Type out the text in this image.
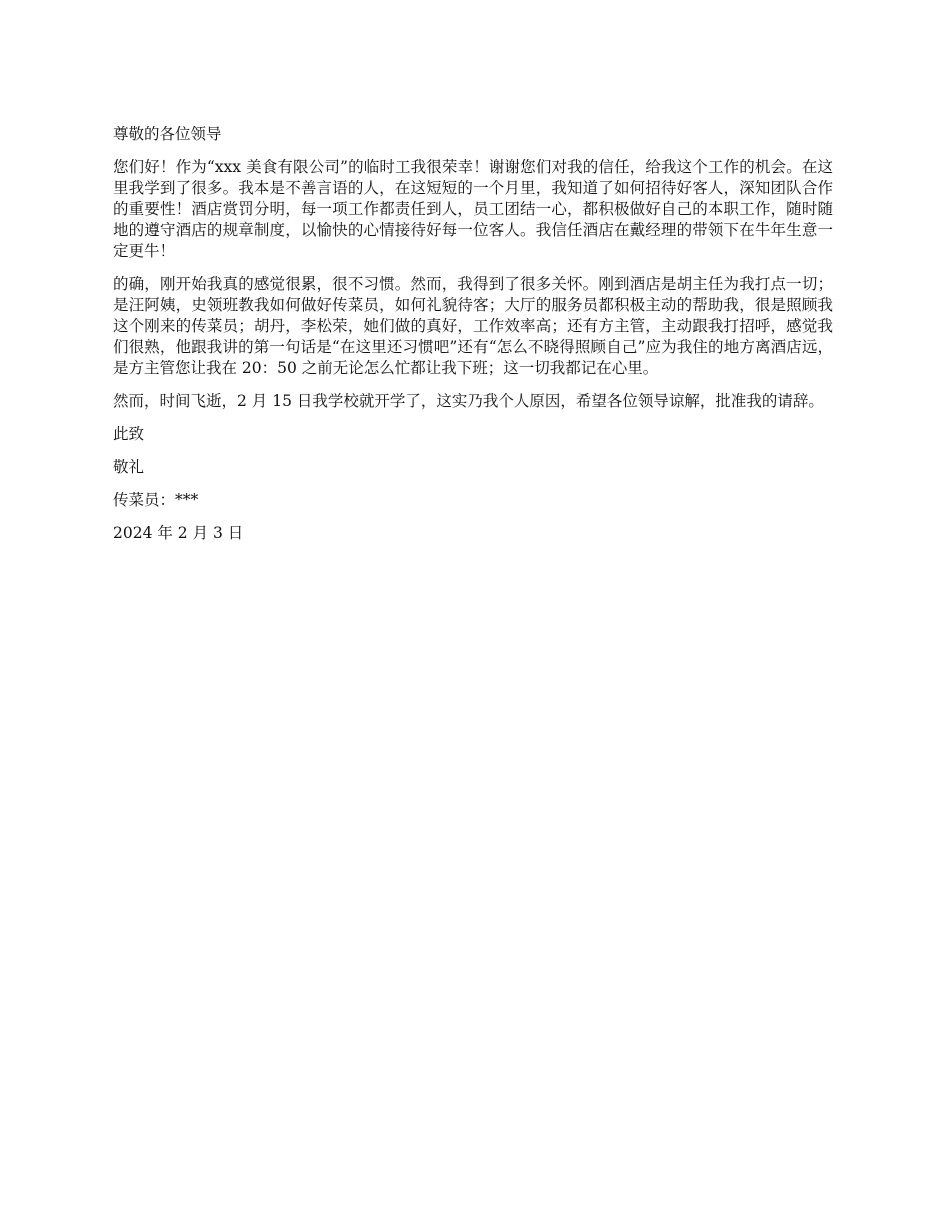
尊敬的各位领导

您们好！作为“xxx 美食有限公司”的临时工我很荣幸！谢谢您们对我的信任，给我这个工作的机会。在这里我学到了很多。我本是不善言语的人，在这短短的一个月里，我知道了如何招待好客人，深知团队合作的重要性！酒店赏罚分明，每一项工作都责任到人，员工团结一心，都积极做好自己的本职工作，随时随地的遵守酒店的规章制度，以愉快的心情接待好每一位客人。我信任酒店在戴经理的带领下在牛年生意一定更牛！

的确，刚开始我真的感觉很累，很不习惯。然而，我得到了很多关怀。刚到酒店是胡主任为我打点一切；是汪阿姨，史领班教我如何做好传菜员，如何礼貌待客；大厅的服务员都积极主动的帮助我，很是照顾我这个刚来的传菜员；胡丹，李松荣，她们做的真好，工作效率高；还有方主管，主动跟我打招呼，感觉我们很熟，他跟我讲的第一句话是“在这里还习惯吧”还有“怎么不晓得照顾自己”应为我住的地方离酒店远，是方主管您让我在 20：50 之前无论怎么忙都让我下班；这一切我都记在心里。

然而，时间飞逝，2 月 15 日我学校就开学了，这实乃我个人原因，希望各位领导谅解，批准我的请辞。

此致

敬礼

传菜员：***

2024 年 2 月 3 日
